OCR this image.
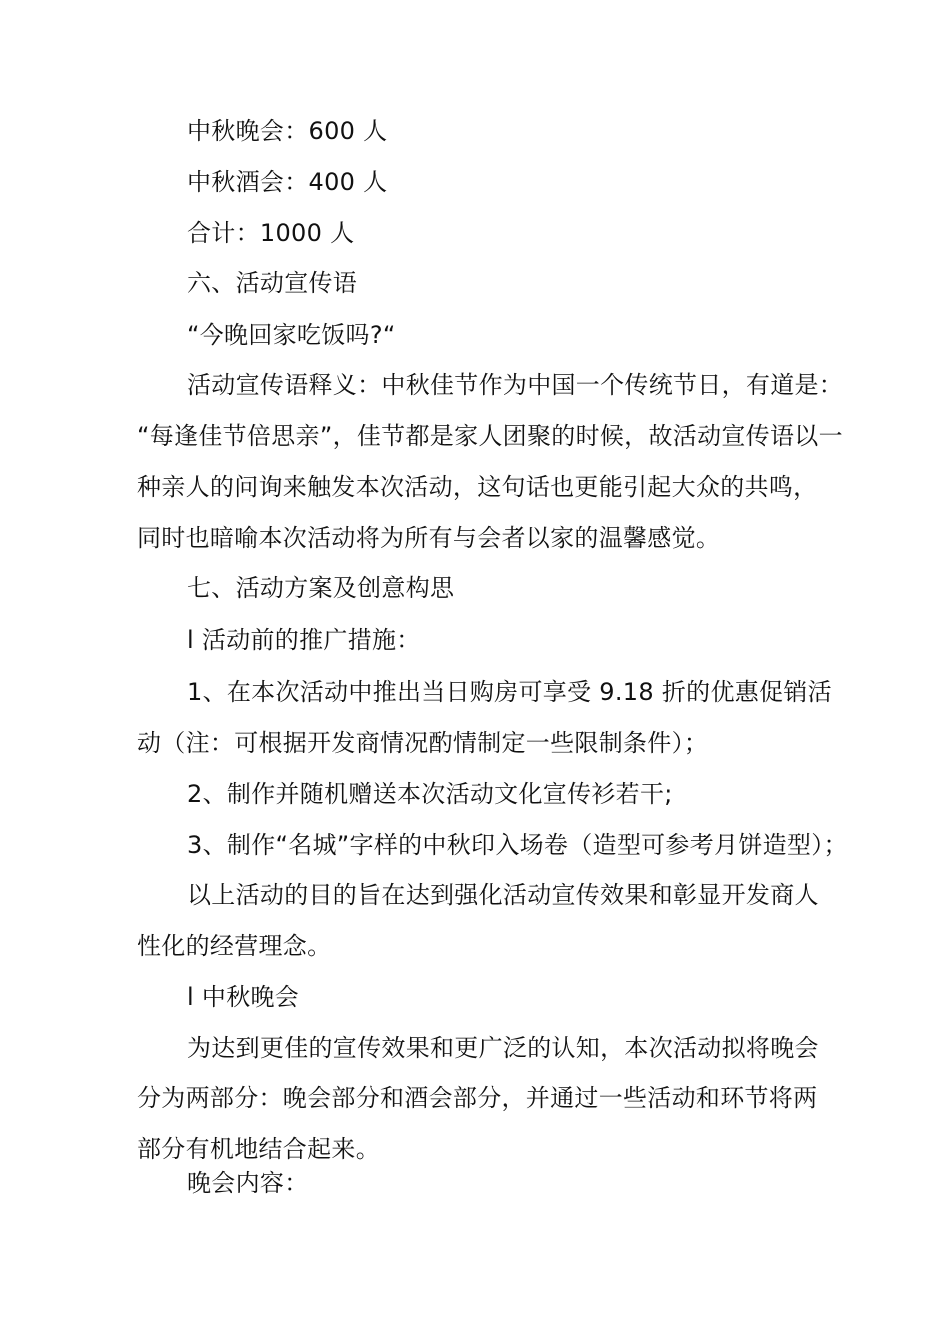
中秋晚会：600 人
中秋酒会：400 人
合计：1000 人
六、活动宣传语
“今晚回家吃饭吗?“
活动宣传语释义：中秋佳节作为中国一个传统节日，有道是：
“每逢佳节倍思亲”，佳节都是家人团聚的时候，故活动宣传语以一
种亲人的问询来触发本次活动，这句话也更能引起大众的共鸣，
同时也暗喻本次活动将为所有与会者以家的温馨感觉。
七、活动方案及创意构思
l 活动前的推广措施：
1、在本次活动中推出当日购房可享受 9.18 折的优惠促销活
动（注：可根据开发商情况酌情制定一些限制条件）；
2、制作并随机赠送本次活动文化宣传衫若干;
3、制作“名城”字样的中秋印入场卷（造型可参考月饼造型）；
以上活动的目的旨在达到强化活动宣传效果和彰显开发商人
性化的经营理念。
l 中秋晚会
为达到更佳的宣传效果和更广泛的认知，本次活动拟将晚会
分为两部分：晚会部分和酒会部分，并通过一些活动和环节将两
部分有机地结合起来。
晚会内容：
